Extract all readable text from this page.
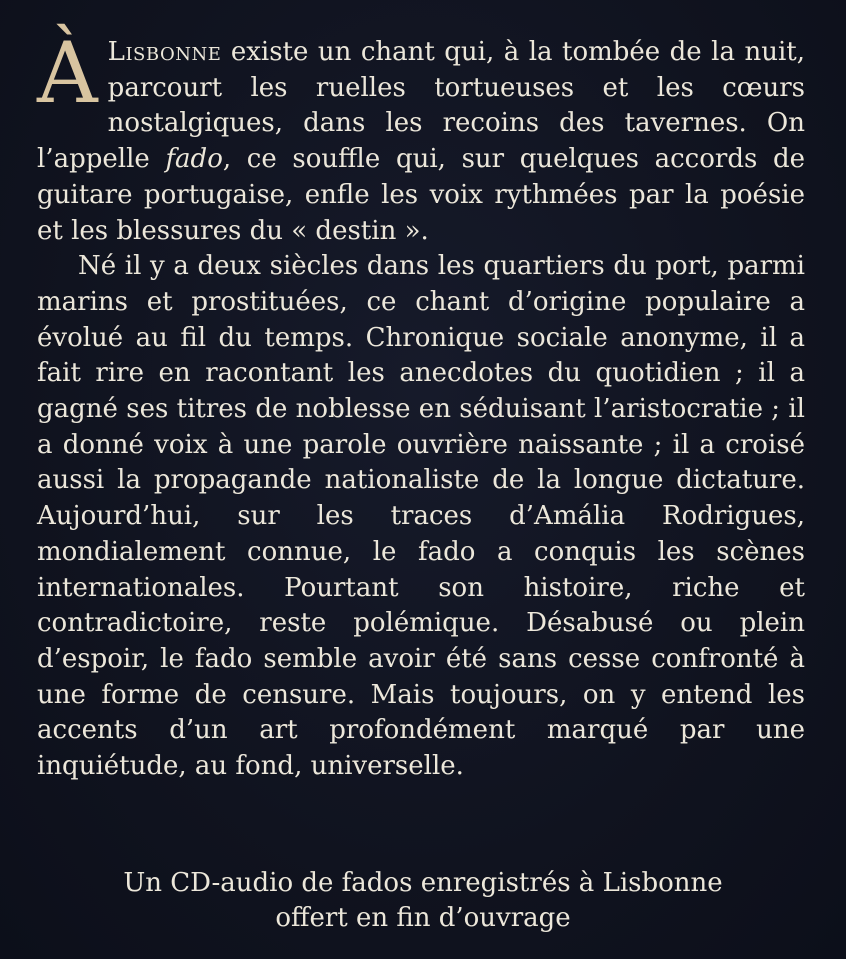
À Lisbonne existe un chant qui, à la tombée de la nuit, parcourt les ruelles tortueuses et les cœurs nostalgiques, dans les recoins des tavernes. On l’appelle fado, ce souffle qui, sur quelques accords de guitare portugaise, enfle les voix rythmées par la poésie et les blessures du « destin ».

Né il y a deux siècles dans les quartiers du port, parmi marins et prostituées, ce chant d’origine populaire a évolué au fil du temps. Chronique sociale anonyme, il a fait rire en racontant les anecdotes du quotidien ; il a gagné ses titres de noblesse en séduisant l’aristocratie ; il a donné voix à une parole ouvrière naissante ; il a croisé aussi la propagande nationaliste de la longue dictature. Aujourd’hui, sur les traces d’Amália Rodrigues, mondialement connue, le fado a conquis les scènes internationales. Pourtant son histoire, riche et contradictoire, reste polémique. Désabusé ou plein d’espoir, le fado semble avoir été sans cesse confronté à une forme de censure. Mais toujours, on y entend les accents d’un art profondément marqué par une inquiétude, au fond, universelle.

Un CD-audio de fados enregistrés à Lisbonne
offert en fin d’ouvrage
